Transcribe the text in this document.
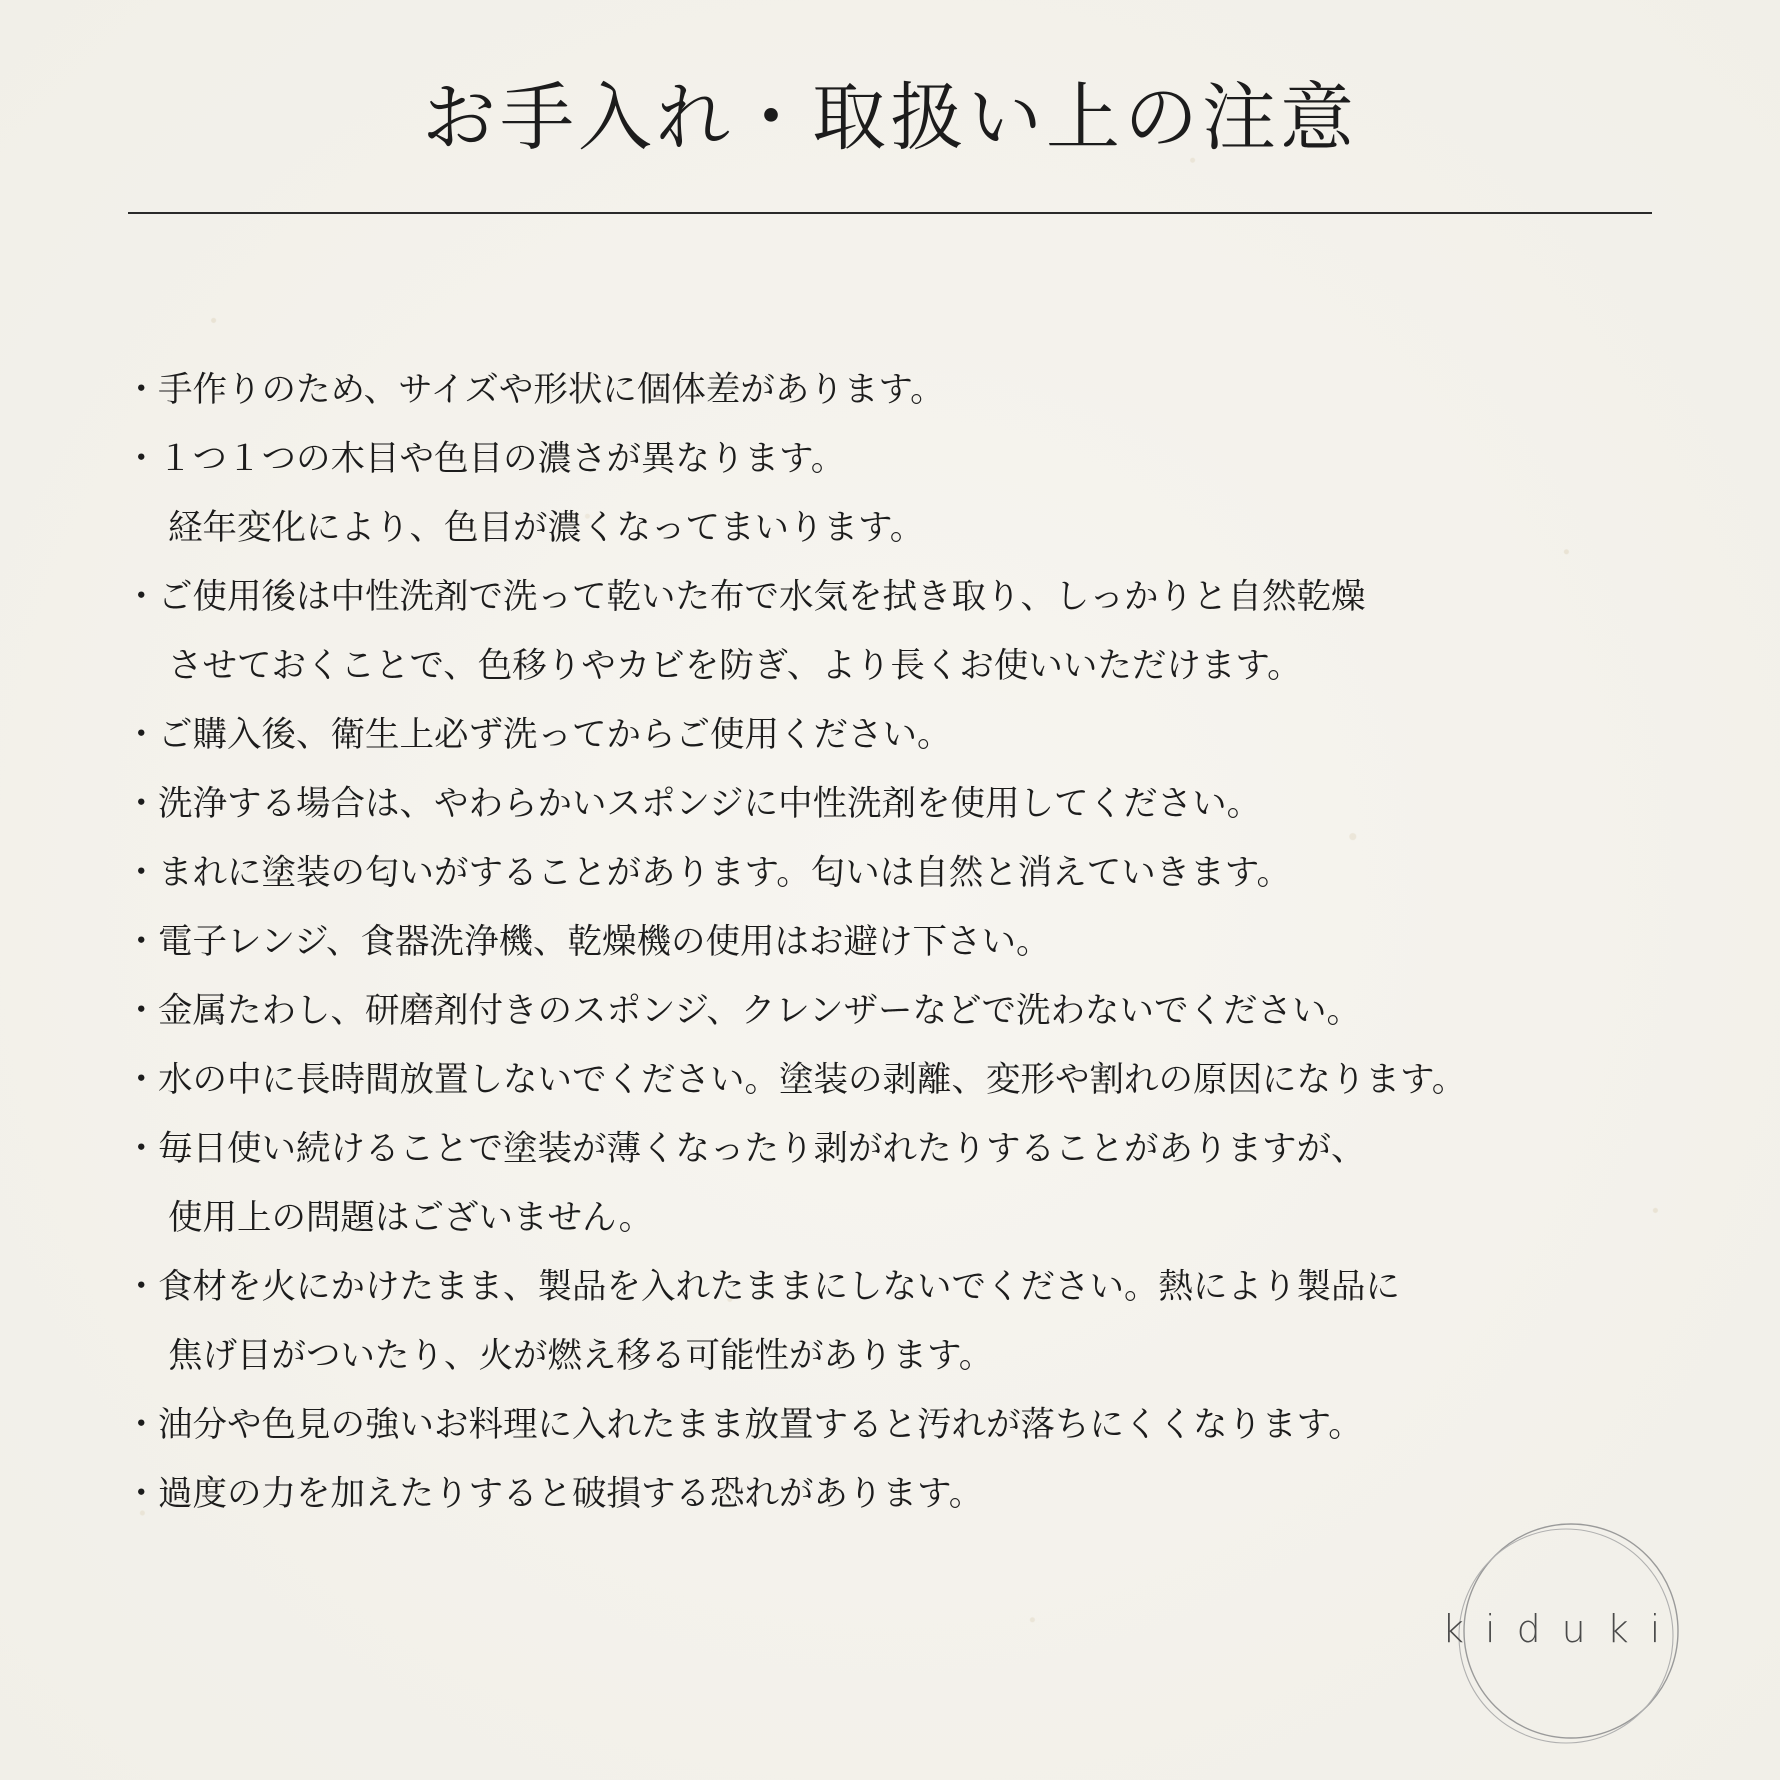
お手入れ・取扱い上の注意
・ 手作りのため、サイズや形状に個体差があります。
・ １つ１つの木目や色目の濃さが異なります。
経年変化により、色目が濃くなってまいります。
・ ご使用後は中性洗剤で洗って乾いた布で水気を拭き取り、しっかりと自然乾燥
させておくことで、色移りやカビを防ぎ、より長くお使いいただけます。
・ ご購入後、衛生上必ず洗ってからご使用ください。
・ 洗浄する場合は、やわらかいスポンジに中性洗剤を使用してください。
・ まれに塗装の匂いがすることがあります。匂いは自然と消えていきます。
・ 電子レンジ、食器洗浄機、乾燥機の使用はお避け下さい。
・ 金属たわし、研磨剤付きのスポンジ、クレンザーなどで洗わないでください。
・ 水の中に長時間放置しないでください。塗装の剥離、変形や割れの原因になります。
・ 毎日使い続けることで塗装が薄くなったり剥がれたりすることがありますが、
使用上の問題はございません。
・ 食材を火にかけたまま、製品を入れたままにしないでください。熱により製品に
焦げ目がついたり、火が燃え移る可能性があります。
・ 油分や色見の強いお料理に入れたまま放置すると汚れが落ちにくくなります。
・ 過度の力を加えたりすると破損する恐れがあります。
kiduki
